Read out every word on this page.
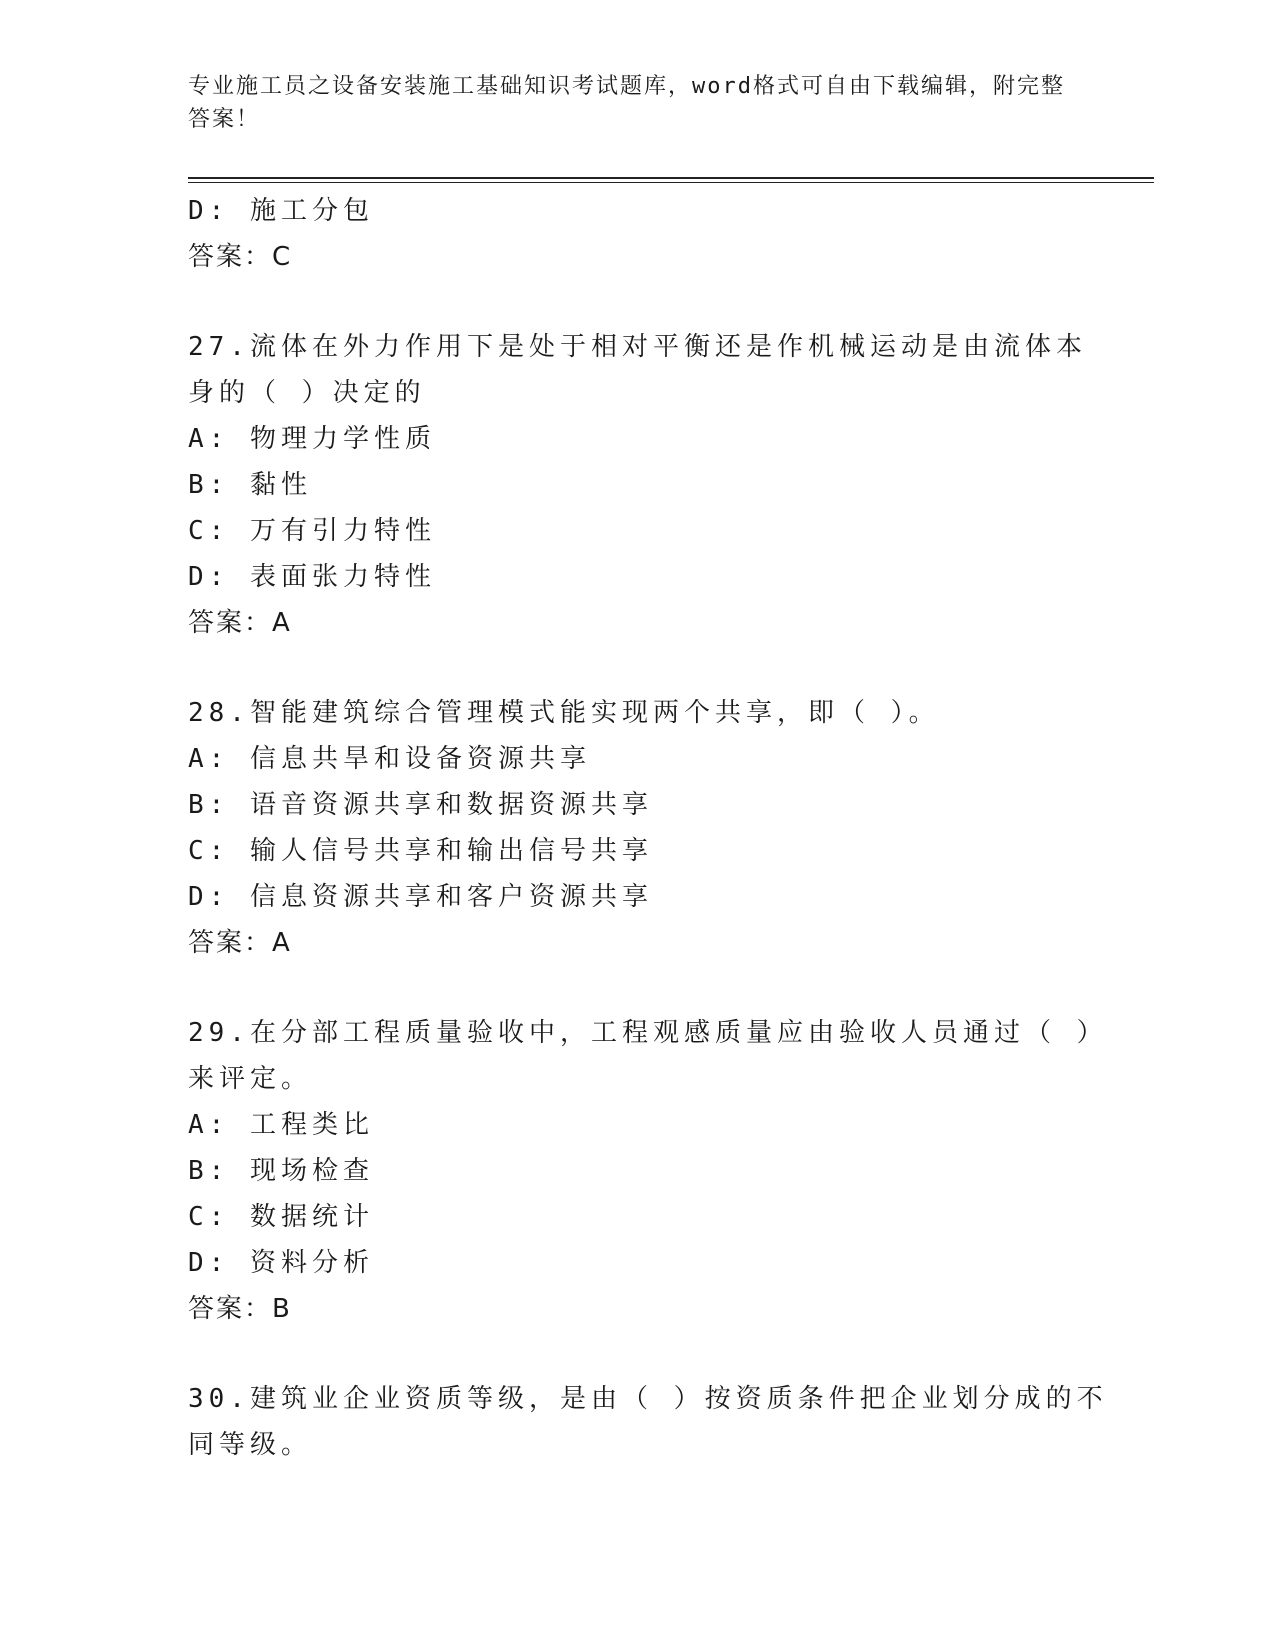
专业施工员之设备安装施工基础知识考试题库，word格式可自由下载编辑，附完整答案！
D: 施工分包
答案：C
27.流体在外力作用下是处于相对平衡还是作机械运动是由流体本身的（ ）决定的
A: 物理力学性质
B: 黏性
C: 万有引力特性
D: 表面张力特性
答案：A
28.智能建筑综合管理模式能实现两个共享，即（ ）。
A: 信息共旱和设备资源共享
B: 语音资源共享和数据资源共享
C: 输人信号共享和输出信号共享
D: 信息资源共享和客户资源共享
答案：A
29.在分部工程质量验收中，工程观感质量应由验收人员通过（ ）来评定。
A: 工程类比
B: 现场检查
C: 数据统计
D: 资料分析
答案：B
30.建筑业企业资质等级，是由（ ）按资质条件把企业划分成的不同等级。
